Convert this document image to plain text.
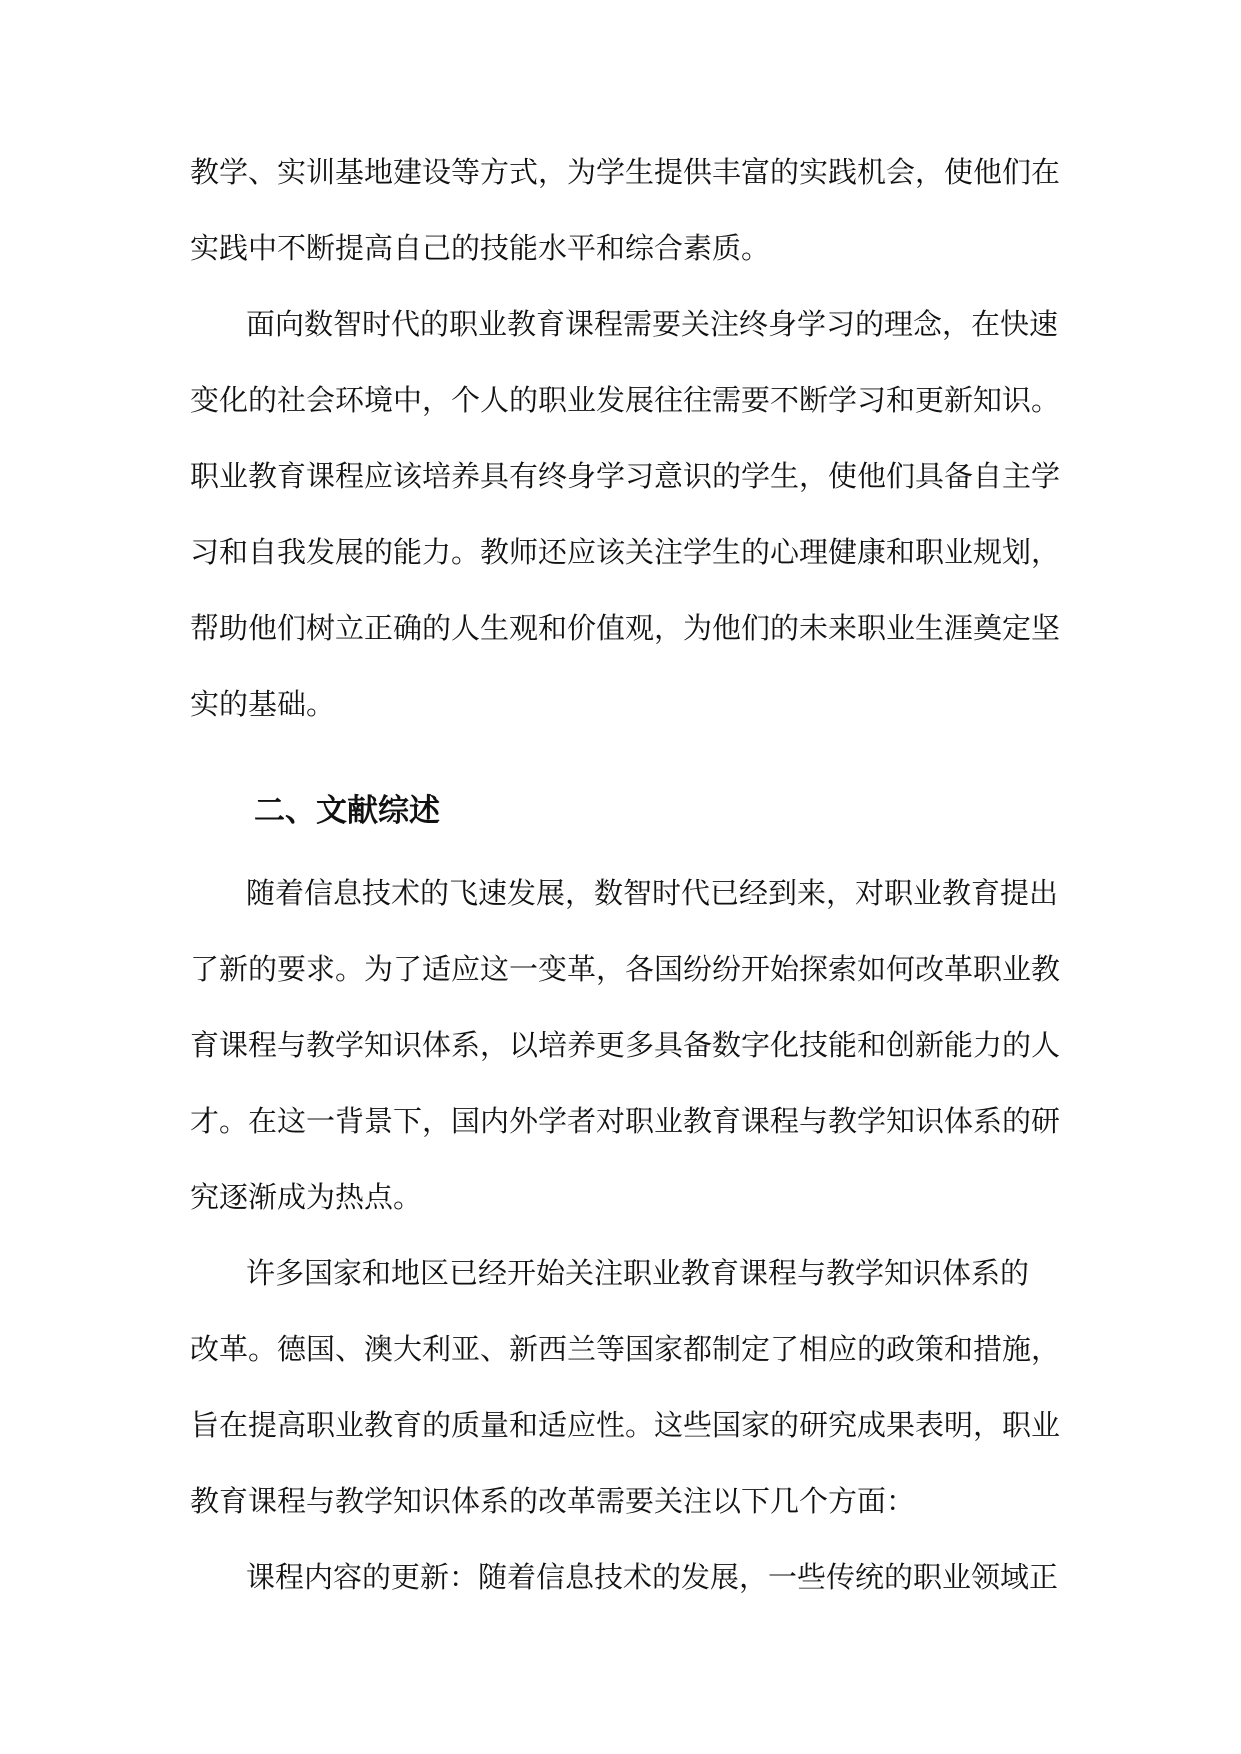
教学、实训基地建设等方式，为学生提供丰富的实践机会，使他们在
实践中不断提高自己的技能水平和综合素质。
面向数智时代的职业教育课程需要关注终身学习的理念，在快速
变化的社会环境中，个人的职业发展往往需要不断学习和更新知识。
职业教育课程应该培养具有终身学习意识的学生，使他们具备自主学
习和自我发展的能力。教师还应该关注学生的心理健康和职业规划，
帮助他们树立正确的人生观和价值观，为他们的未来职业生涯奠定坚
实的基础。
二、文献综述
随着信息技术的飞速发展，数智时代已经到来，对职业教育提出
了新的要求。为了适应这一变革，各国纷纷开始探索如何改革职业教
育课程与教学知识体系，以培养更多具备数字化技能和创新能力的人
才。在这一背景下，国内外学者对职业教育课程与教学知识体系的研
究逐渐成为热点。
许多国家和地区已经开始关注职业教育课程与教学知识体系的
改革。德国、澳大利亚、新西兰等国家都制定了相应的政策和措施，
旨在提高职业教育的质量和适应性。这些国家的研究成果表明，职业
教育课程与教学知识体系的改革需要关注以下几个方面：
课程内容的更新：随着信息技术的发展，一些传统的职业领域正
